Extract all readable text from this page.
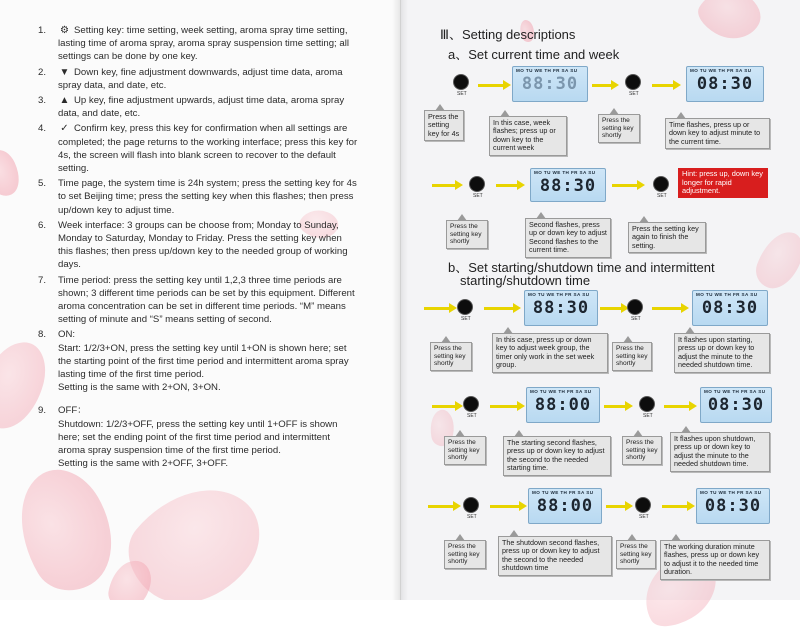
1.	⚙ Setting key: time setting, week setting, aroma spray time setting, lasting time of aroma spray, aroma spray suspension time setting; all settings can be done by one key.
2.	▼ Down key, fine adjustment downwards, adjust time data, aroma spray data, and date, etc.
3.	▲ Up key, fine adjustment upwards, adjust time data, aroma spray data, and date, etc.
4.	✓ Confirm key, press this key for confirmation when all settings are completed; the page returns to the working interface; press this key for 4s, the screen will flash into blank screen to recover to the default setting.
5.	Time page, the system time is 24h system; press the setting key for 4s to set Beijing time; press the setting key when this flashes; then press up/down key to adjust time.
6.	Week interface: 3 groups can be choose from; Monday to Sunday, Monday to Saturday, Monday to Friday. Press the setting key when this flashes; then press up/down key to the needed group of working days.
7.	Time period: press the setting key until 1,2,3 three time periods are shown; 3 different time periods can be set by this equipment. Different aroma concentration can be set in different time periods. “M” means setting of minute and “S” means setting of second.
8.	ON:

Start: 1/2/3+ON, press the setting key until 1+ON is shown here; set the starting point of the first time period and intermittent aroma spray lasting time of the first time period.

Setting is the same with 2+ON, 3+ON.

9.	OFF：

Shutdown: 1/2/3+OFF, press the setting key until 1+OFF is shown here; set the ending point of the first time period and intermittent aroma spray suspension time of the first time period.

Setting is the same with 2+OFF, 3+OFF.

Ⅲ、Setting descriptions
a、Set current time and week
SET
MO TU WE TH FR SA SU
88:30	SET
MO TU WE TH FR SA SU
08:30
Press the setting key for 4s
In this case, week flashes; press up or down key to the current week
Press the setting key shortly
Time flashes, press up or down key to adjust minute to the current time.
SET
MO TU WE TH FR SA SU
88:30	SET
Hint: press up, down key longer for rapid adjustment.
Press the setting key shortly
Second flashes, press up or down key to adjust Second flashes to the current time.
Press the setting key again to finish the setting.
b、Set starting/shutdown time and intermittent
starting/shutdown time
SET
MO TU WE TH FR SA SU
88:30
SET
MO TU WE TH FR SA SU
08:30
Press the setting key shortly
In this case, press up or down key to adjust week group, the timer only work in the set week group.
Press the setting key shortly
It flashes upon starting, press up or down key to adjust the minute to the needed shutdown time.
SET
MO TU WE TH FR SA SU
88:00
SET
MO TU WE TH FR SA SU
08:30
Press the setting key shortly
The starting second flashes, press up or down key to adjust the second to the needed starting time.
Press the setting key shortly
It flashes upon shutdown, press up or down key to adjust the minute to the needed shutdown time.
SET
MO TU WE TH FR SA SU
88:00
SET
MO TU WE TH FR SA SU
08:30
Press the setting key shortly
The shutdown second flashes, press up or down key to adjust the second to the needed shutdown time
Press the setting key shortly
The working duration minute flashes, press up or down key to adjust it to the needed time duration.
